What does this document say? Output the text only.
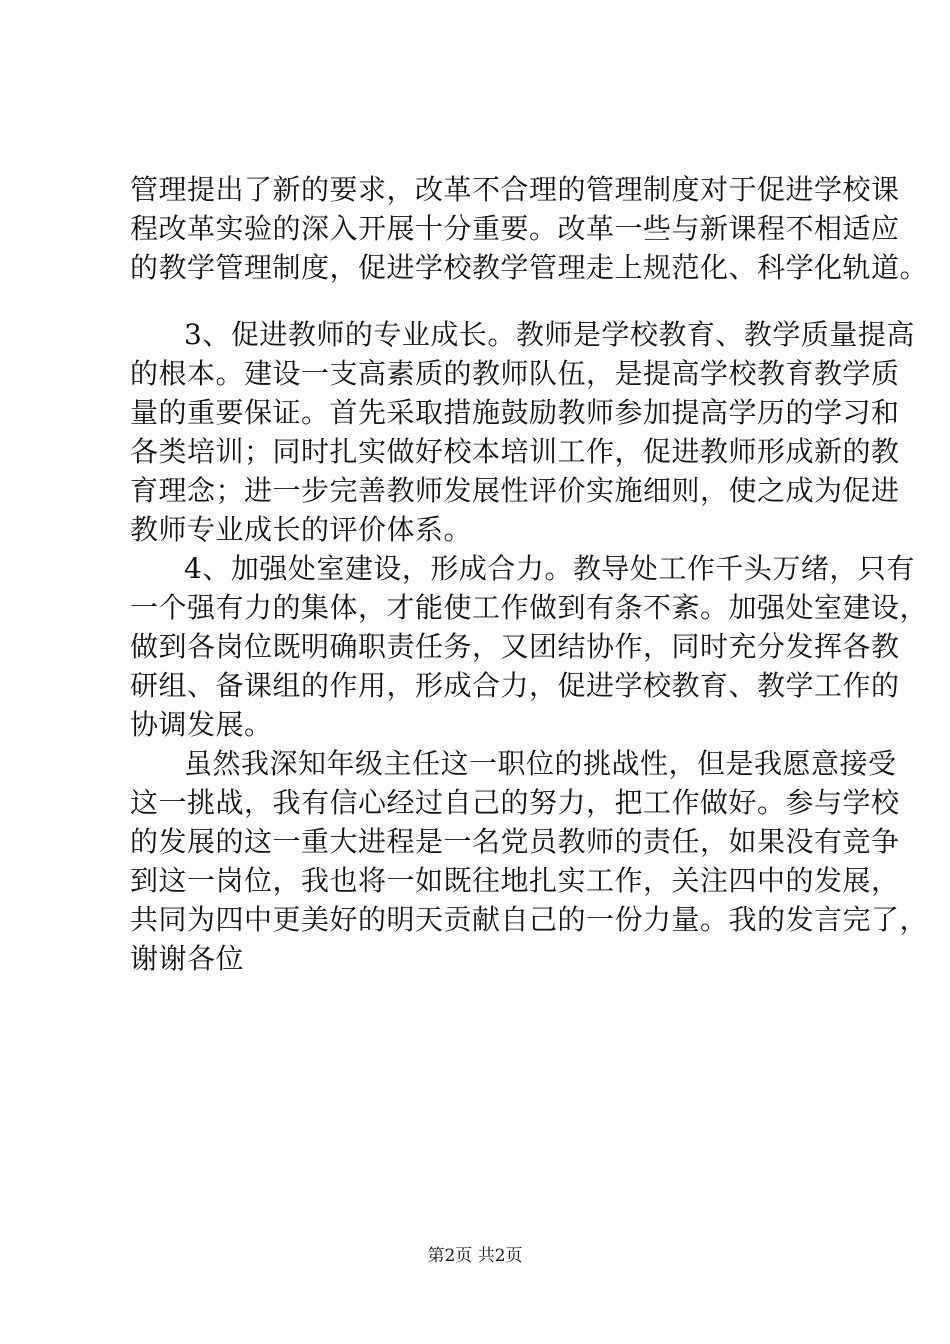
管理提出了新的要求，改革不合理的管理制度对于促进学校课
程改革实验的深入开展十分重要。改革一些与新课程不相适应
的教学管理制度，促进学校教学管理走上规范化、科学化轨道。
3、促进教师的专业成长。教师是学校教育、教学质量提高
的根本。建设一支高素质的教师队伍，是提高学校教育教学质
量的重要保证。首先采取措施鼓励教师参加提高学历的学习和
各类培训；同时扎实做好校本培训工作，促进教师形成新的教
育理念；进一步完善教师发展性评价实施细则，使之成为促进
教师专业成长的评价体系。
4、加强处室建设，形成合力。教导处工作千头万绪，只有
一个强有力的集体，才能使工作做到有条不紊。加强处室建设，
做到各岗位既明确职责任务，又团结协作，同时充分发挥各教
研组、备课组的作用，形成合力，促进学校教育、教学工作的
协调发展。
虽然我深知年级主任这一职位的挑战性，但是我愿意接受
这一挑战，我有信心经过自己的努力，把工作做好。参与学校
的发展的这一重大进程是一名党员教师的责任，如果没有竞争
到这一岗位，我也将一如既往地扎实工作，关注四中的发展，
共同为四中更美好的明天贡献自己的一份力量。我的发言完了，
谢谢各位
第2页 共2页
